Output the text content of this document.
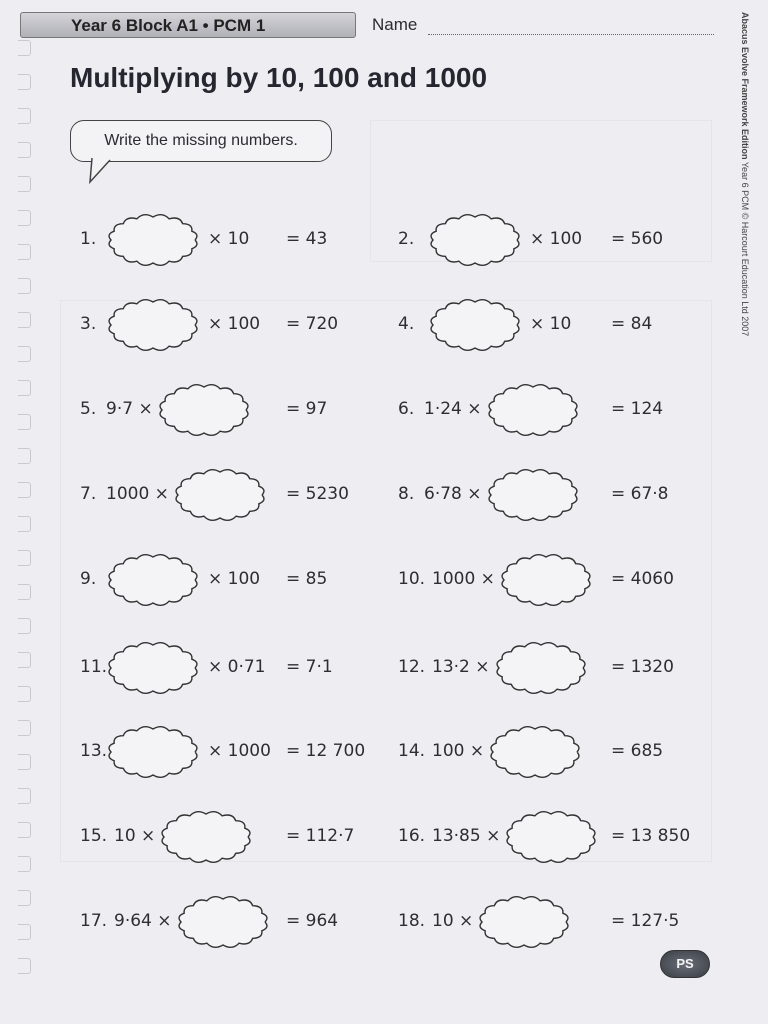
Year 6 Block A1 • PCM 1	Name
Multiplying by 10, 100 and 1000
Write the missing numbers.	Abacus Evolve Framework Edition Year 6 PCM © Harcourt Education Ltd 2007
1.	× 10 = 43	2.	× 100 = 560
3.	× 100 = 720	4.	× 10 = 84
5. 9·7 ×	= 97	6. 1·24 ×	= 124
7. 1000 ×	= 5230	8. 6·78 ×	= 67·8
9.	× 100 = 85	10. 1000 ×	= 4060
11.	× 0·71 = 7·1	12. 13·2 ×	= 1320
13.	× 1000 = 12 700 14. 100 ×	= 685
15. 10 ×	= 112·7	16. 13·85 ×	= 13 850
17. 9·64 ×	= 964	18. 10 ×	= 127·5
PS
